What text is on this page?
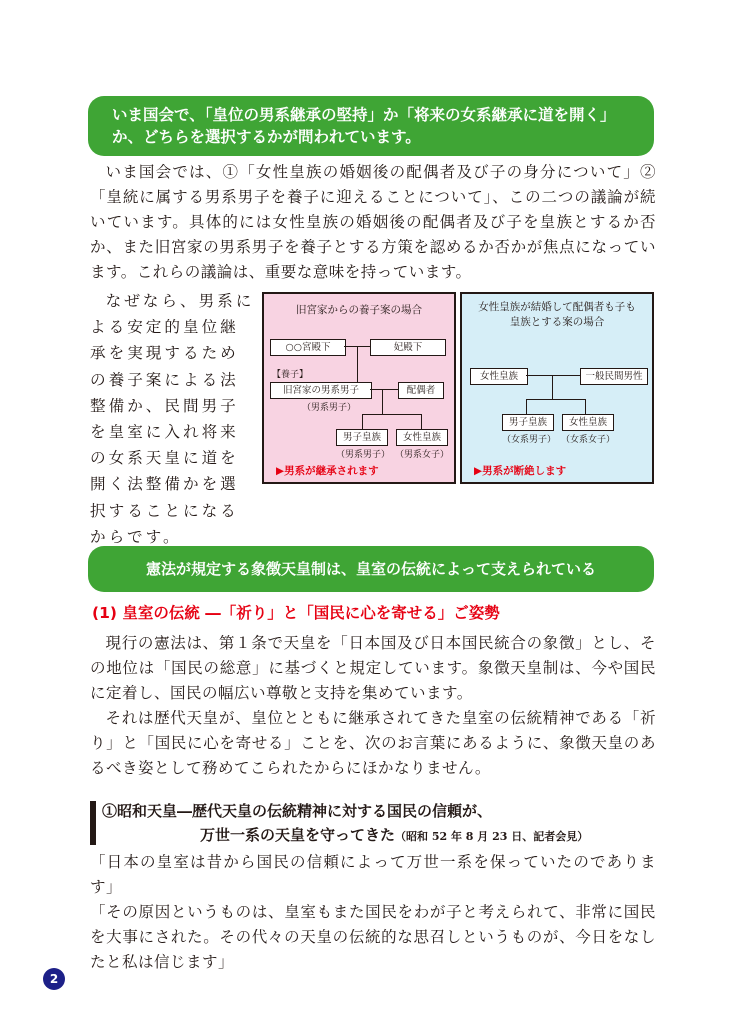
いま国会で、「皇位の男系継承の堅持」か「将来の女系継承に道を開く」
か、どちらを選択するかが問われています。
いま国会では、①「女性皇族の婚姻後の配偶者及び子の身分について」②「皇統に属する男系男子を養子に迎えることについて」、この二つの議論が続いています。具体的には女性皇族の婚姻後の配偶者及び子を皇族とするか否か、また旧宮家の男系男子を養子とする方策を認めるか否かが焦点になっています。これらの議論は、重要な意味を持っています。
なぜなら、男系による安定的皇位継承を実現するための養子案による法整備か、民間男子を皇室に入れ将来の女系天皇に道を開く法整備かを選択することになるからです。
旧宮家からの養子案の場合
○○宮殿下	妃殿下
【養子】
旧宮家の男系男子
（男系男子）
配偶者
男子皇族
（男系男子）
女性皇族
（男系女子）
▶男系が継承されます
女性皇族が結婚して配偶者も子も
皇族とする案の場合
女性皇族	一般民間男性
男子皇族
（女系男子）
女性皇族
（女系女子）
▶男系が断絶します
憲法が規定する象徴天皇制は、皇室の伝統によって支えられている
(1) 皇室の伝統 ―「祈り」と「国民に心を寄せる」ご姿勢
現行の憲法は、第１条で天皇を「日本国及び日本国民統合の象徴」とし、その地位は「国民の総意」に基づくと規定しています。象徴天皇制は、今や国民に定着し、国民の幅広い尊敬と支持を集めています。
それは歴代天皇が、皇位とともに継承されてきた皇室の伝統精神である「祈り」と「国民に心を寄せる」ことを、次のお言葉にあるように、象徴天皇のあるべき姿として務めてこられたからにほかなりません。
①昭和天皇―歴代天皇の伝統精神に対する国民の信頼が、
万世一系の天皇を守ってきた（昭和 52 年 8 月 23 日、記者会見）
「日本の皇室は昔から国民の信頼によって万世一系を保っていたのであります」
「その原因というものは、皇室もまた国民をわが子と考えられて、非常に国民を大事にされた。その代々の天皇の伝統的な思召しというものが、今日をなしたと私は信じます」
2
